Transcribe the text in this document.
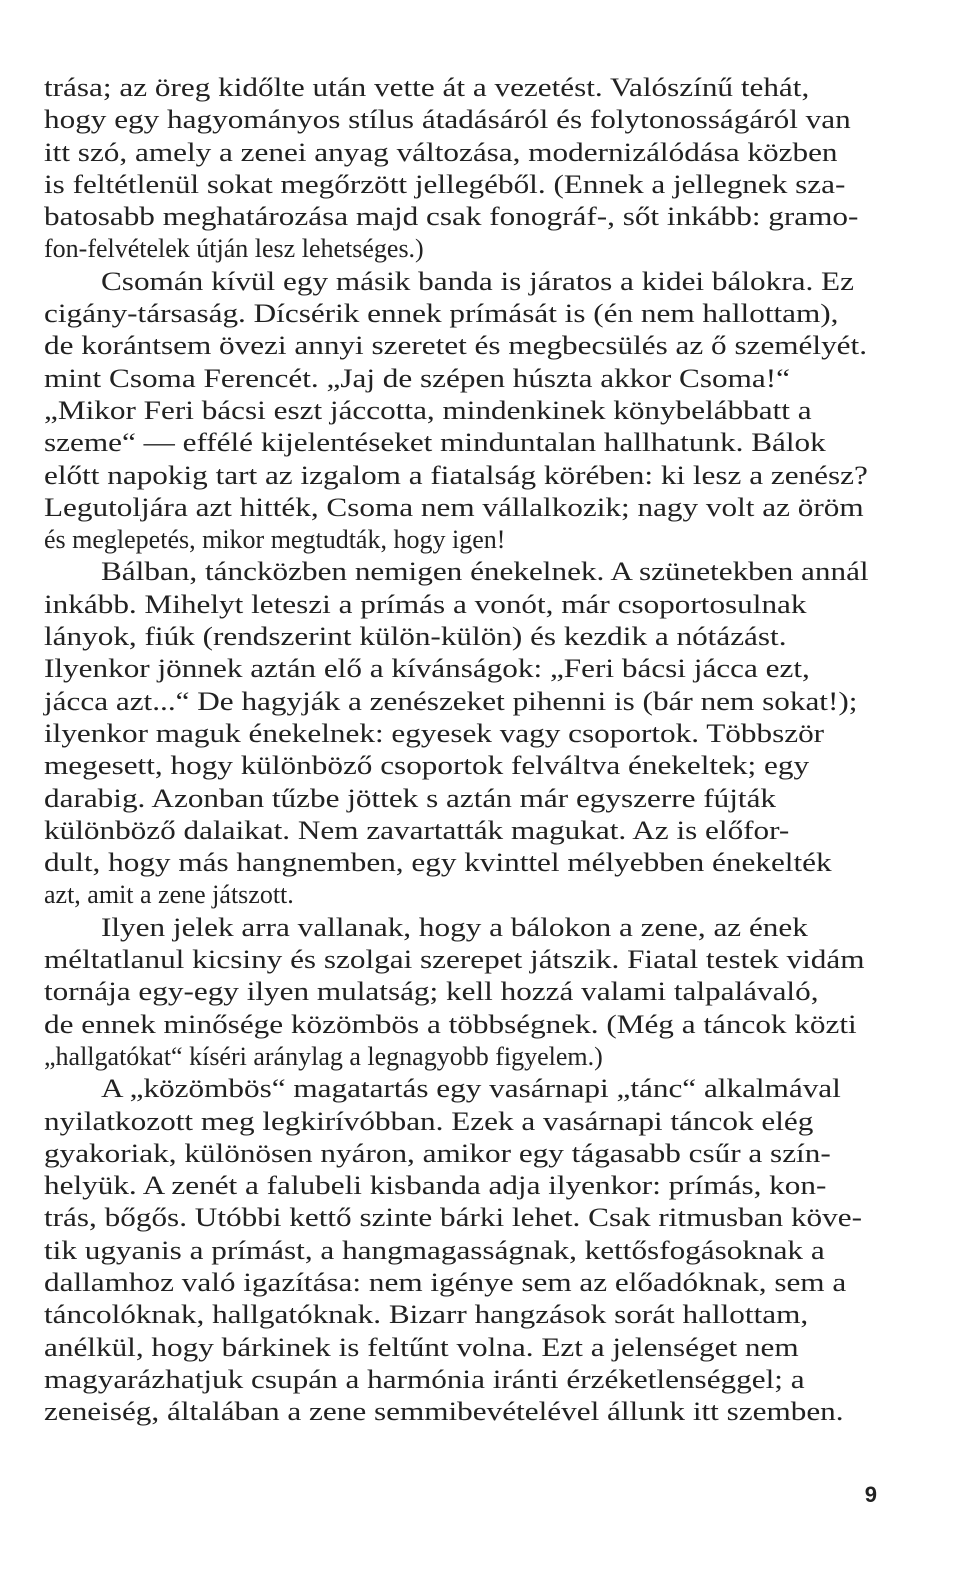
trása; az öreg kidőlte után vette át a vezetést. Valószínű tehát,
hogy egy hagyományos stílus átadásáról és folytonosságáról van
itt szó, amely a zenei anyag változása, modernizálódása közben
is feltétlenül sokat megőrzött jellegéből. (Ennek a jellegnek sza-
batosabb meghatározása majd csak fonográf-, sőt inkább: gramo-
fon-felvételek útján lesz lehetséges.)
Csomán kívül egy másik banda is járatos a kidei bálokra. Ez
cigány-társaság. Dícsérik ennek prímását is (én nem hallottam),
de korántsem övezi annyi szeretet és megbecsülés az ő személyét.
mint Csoma Ferencét. „Jaj de szépen húszta akkor Csoma!“
„Mikor Feri bácsi eszt jáccotta, mindenkinek könybelábbatt a
szeme“ — effélé kijelentéseket minduntalan hallhatunk. Bálok
előtt napokig tart az izgalom a fiatalság körében: ki lesz a zenész?
Legutoljára azt hitték, Csoma nem vállalkozik; nagy volt az öröm
és meglepetés, mikor megtudták, hogy igen!
Bálban, táncközben nemigen énekelnek. A szünetekben annál
inkább. Mihelyt leteszi a prímás a vonót, már csoportosulnak
lányok, fiúk (rendszerint külön-külön) és kezdik a nótázást.
Ilyenkor jönnek aztán elő a kívánságok: „Feri bácsi jácca ezt,
jácca azt...“ De hagyják a zenészeket pihenni is (bár nem sokat!);
ilyenkor maguk énekelnek: egyesek vagy csoportok. Többször
megesett, hogy különböző csoportok felváltva énekeltek; egy
darabig. Azonban tűzbe jöttek s aztán már egyszerre fújták
különböző dalaikat. Nem zavartatták magukat. Az is előfor-
dult, hogy más hangnemben, egy kvinttel mélyebben énekelték
azt, amit a zene játszott.
Ilyen jelek arra vallanak, hogy a bálokon a zene, az ének
méltatlanul kicsiny és szolgai szerepet játszik. Fiatal testek vidám
tornája egy-egy ilyen mulatság; kell hozzá valami talpalávaló,
de ennek minősége közömbös a többségnek. (Még a táncok közti
„hallgatókat“ kíséri aránylag a legnagyobb figyelem.)
A „közömbös“ magatartás egy vasárnapi „tánc“ alkalmával
nyilatkozott meg legkirívóbban. Ezek a vasárnapi táncok elég
gyakoriak, különösen nyáron, amikor egy tágasabb csűr a szín-
helyük. A zenét a falubeli kisbanda adja ilyenkor: prímás, kon-
trás, bőgős. Utóbbi kettő szinte bárki lehet. Csak ritmusban köve-
tik ugyanis a prímást, a hangmagasságnak, kettősfogásoknak a
dallamhoz való igazítása: nem igénye sem az előadóknak, sem a
táncolóknak, hallgatóknak. Bizarr hangzások sorát hallottam,
anélkül, hogy bárkinek is feltűnt volna. Ezt a jelenséget nem
magyarázhatjuk csupán a harmónia iránti érzéketlenséggel; a
zeneiség, általában a zene semmibevételével állunk itt szemben.
9
